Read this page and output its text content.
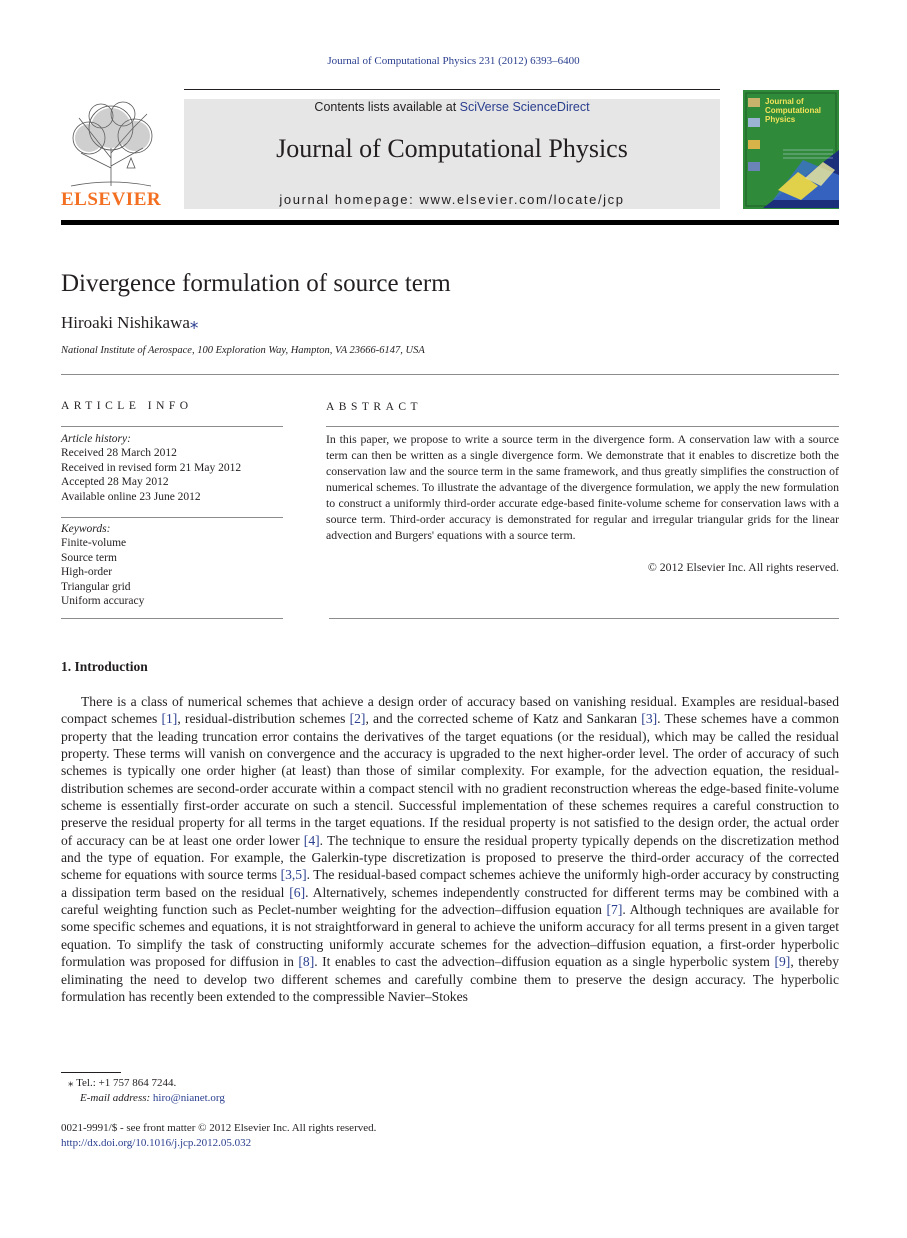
Journal of Computational Physics 231 (2012) 6393–6400
ELSEVIER
Contents lists available at SciVerse ScienceDirect
Journal of Computational Physics
journal homepage: www.elsevier.com/locate/jcp
Journal of
Computational
Physics
Divergence formulation of source term
Hiroaki Nishikawa⁎
National Institute of Aerospace, 100 Exploration Way, Hampton, VA 23666-6147, USA
ARTICLE INFO
Article history:
Received 28 March 2012
Received in revised form 21 May 2012
Accepted 28 May 2012
Available online 23 June 2012
Keywords:
Finite-volume
Source term
High-order
Triangular grid
Uniform accuracy
ABSTRACT
In this paper, we propose to write a source term in the divergence form. A conservation law with a source term can then be written as a single divergence form. We demonstrate that it enables to discretize both the conservation law and the source term in the same framework, and thus greatly simplifies the construction of numerical schemes. To illustrate the advantage of the divergence formulation, we apply the new formulation to construct a uniformly third-order accurate edge-based finite-volume scheme for conservation laws with a source term. Third-order accuracy is demonstrated for regular and irregular triangular grids for the linear advection and Burgers' equations with a source term.
© 2012 Elsevier Inc. All rights reserved.
1. Introduction
There is a class of numerical schemes that achieve a design order of accuracy based on vanishing residual. Examples are residual-based compact schemes [1], residual-distribution schemes [2], and the corrected scheme of Katz and Sankaran [3]. These schemes have a common property that the leading truncation error contains the derivatives of the target equations (or the residual), which may be called the residual property. These terms will vanish on convergence and the accuracy is upgraded to the next higher-order level. The order of accuracy of such schemes is typically one order higher (at least) than those of similar complexity. For example, for the advection equation, the residual-distribution schemes are second-order accurate within a compact stencil with no gradient reconstruction whereas the edge-based finite-volume scheme is essentially first-order accurate on such a stencil. Successful implementation of these schemes requires a careful construction to preserve the residual property for all terms in the target equations. If the residual property is not satisfied to the design order, the actual order of accuracy can be at least one order lower [4]. The technique to ensure the residual property typically depends on the discretization method and the type of equation. For example, the Galerkin-type discretization is proposed to preserve the third-order accuracy of the corrected scheme for equations with source terms [3,5]. The residual-based compact schemes achieve the uniformly high-order accuracy by constructing a dissipation term based on the residual [6]. Alternatively, schemes independently constructed for different terms may be combined with a careful weighting function such as Peclet-number weighting for the advection–diffusion equation [7]. Although techniques are available for some specific schemes and equations, it is not straightforward in general to achieve the uniform accuracy for all terms present in a given target equation. To simplify the task of constructing uniformly accurate schemes for the advection–diffusion equation, a first-order hyperbolic formulation was proposed for diffusion in [8]. It enables to cast the advection–diffusion equation as a single hyperbolic system [9], thereby eliminating the need to develop two different schemes and carefully combine them to preserve the design accuracy. The hyperbolic formulation has recently been extended to the compressible Navier–Stokes
⁎ Tel.: +1 757 864 7244.
E-mail address: hiro@nianet.org
0021-9991/$ - see front matter © 2012 Elsevier Inc. All rights reserved.
http://dx.doi.org/10.1016/j.jcp.2012.05.032
